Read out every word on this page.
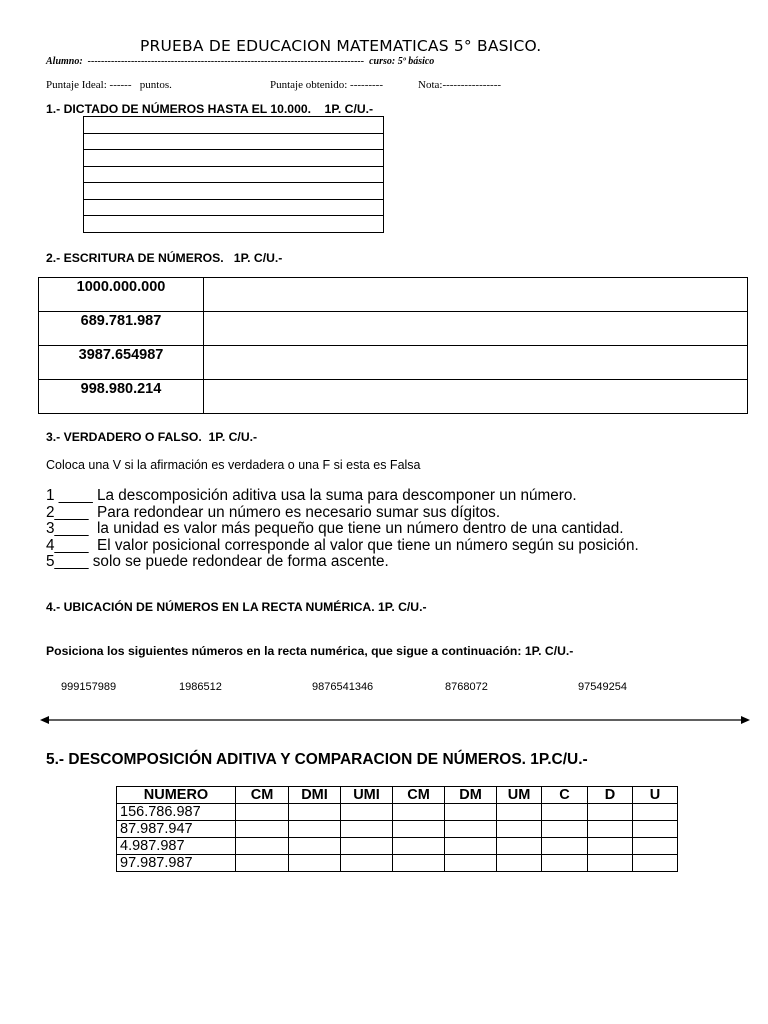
PRUEBA DE EDUCACION MATEMATICAS 5° BASICO.
Alumno:  -----------------------------------------------------------------------------------  curso: 5º básico
Puntaje Ideal: ------   puntos.	Puntaje obtenido: ---------	Nota:----------------
1.- DICTADO DE NÚMEROS HASTA EL 10.000.    1P. C/U.-

2.- ESCRITURA DE NÚMEROS.   1P. C/U.-
1000.000.000	
689.781.987	
3987.654987	
998.980.214	
3.- VERDADERO O FALSO.  1P. C/U.-
Coloca una V si la afirmación es verdadera o una F si esta es Falsa
1 ____ La descomposición aditiva usa la suma para descomponer un número.
2____  Para redondear un número es necesario sumar sus dígitos.
3____  la unidad es valor más pequeño que tiene un número dentro de una cantidad.
4____  El valor posicional corresponde al valor que tiene un número según su posición.
5____ solo se puede redondear de forma ascente.
4.- UBICACIÓN DE NÚMEROS EN LA RECTA NUMÉRICA. 1P. C/U.-
Posiciona los siguientes números en la recta numérica, que sigue a continuación: 1P. C/U.-
999157989	1986512	9876541346	8768072	97549254
5.- DESCOMPOSICIÓN ADITIVA Y COMPARACION DE NÚMEROS. 1P.C/U.-
NUMERO	CM	DMI	UMI	CM	DM	UM	C	D	U
156.786.987									
87.987.947									
4.987.987									
97.987.987									
